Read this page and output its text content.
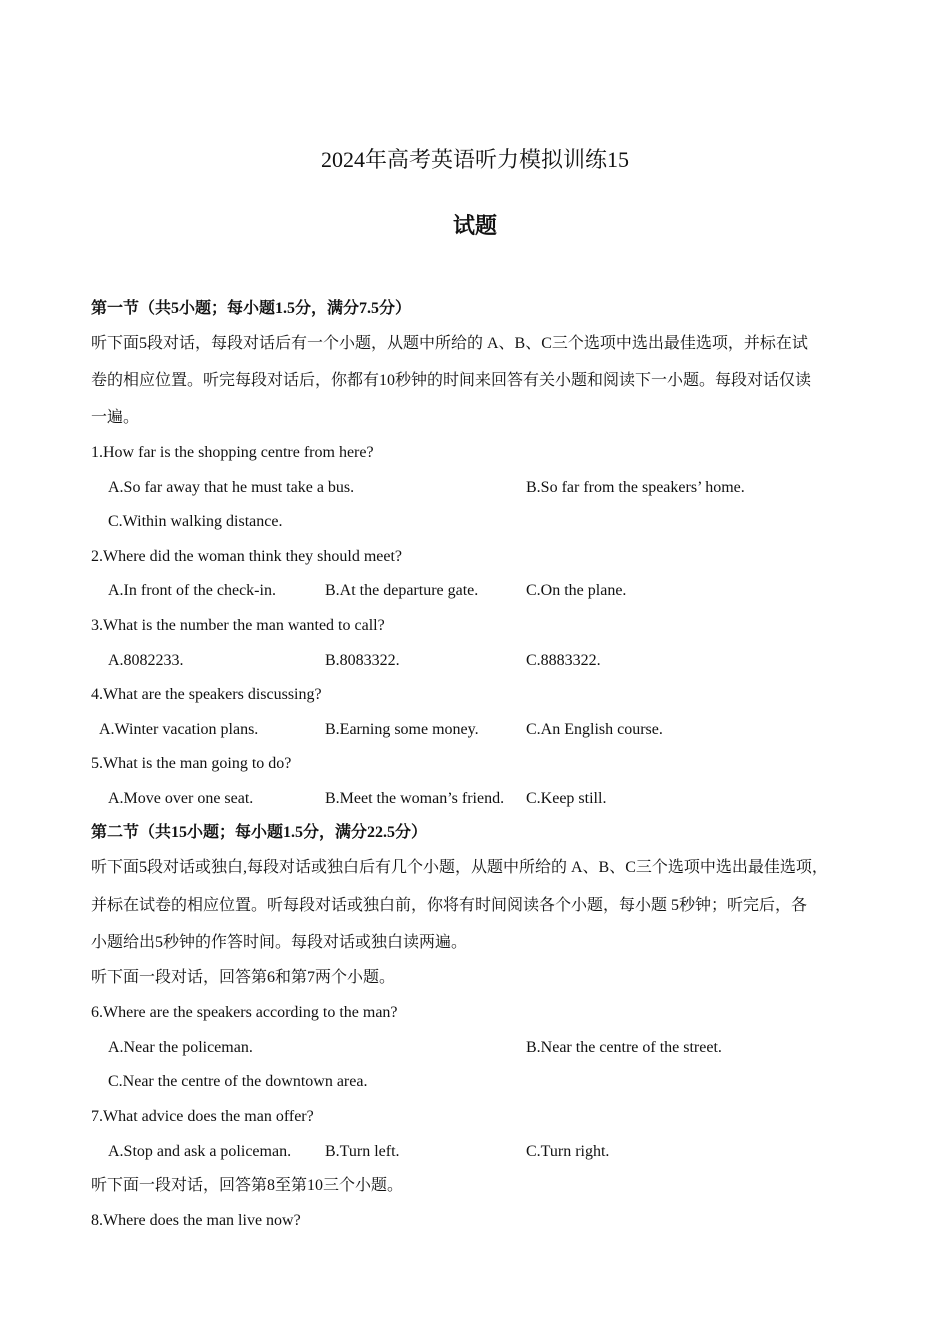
2024年高考英语听力模拟训练15
试题
第一节（共5小题；每小题1.5分，满分7.5分）
听下面5段对话，每段对话后有一个小题，从题中所给的 A、B、C三个选项中选出最佳选项，并标在试
卷的相应位置。听完每段对话后，你都有10秒钟的时间来回答有关小题和阅读下一小题。每段对话仅读
一遍。
1.How far is the shopping centre from here?
A.So far away that he must take a bus.	B.So far from the speakers’ home.
C.Within walking distance.
2.Where did the woman think they should meet?
A.In front of the check-in.	B.At the departure gate.	C.On the plane.
3.What is the number the man wanted to call?
A.8082233.	B.8083322.	C.8883322.
4.What are the speakers discussing?
A.Winter vacation plans.	B.Earning some money.	C.An English course.
5.What is the man going to do?
A.Move over one seat.	B.Meet the woman’s friend. C.Keep still.
第二节（共15小题；每小题1.5分，满分22.5分）
听下面5段对话或独白,每段对话或独白后有几个小题，从题中所给的 A、B、C三个选项中选出最佳选项，
并标在试卷的相应位置。听每段对话或独白前，你将有时间阅读各个小题，每小题 5秒钟；听完后，各
小题给出5秒钟的作答时间。每段对话或独白读两遍。
听下面一段对话，回答第6和第7两个小题。
6.Where are the speakers according to the man?
A.Near the policeman.	B.Near the centre of the street.
C.Near the centre of the downtown area.
7.What advice does the man offer?
A.Stop and ask a policeman. B.Turn left.	C.Turn right.
听下面一段对话，回答第8至第10三个小题。
8.Where does the man live now?
